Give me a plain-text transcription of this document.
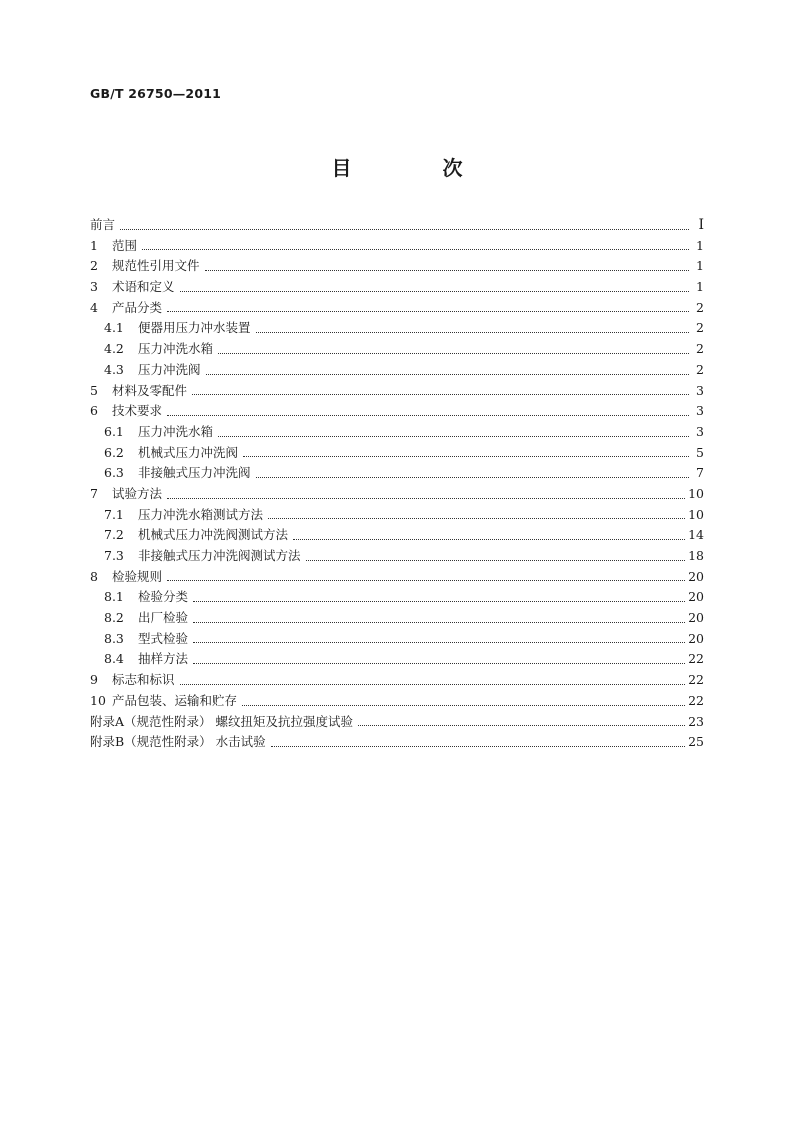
GB/T 26750—2011
目 次
前言	Ⅰ
1	范围	1
2	规范性引用文件	1
3	术语和定义	1
4	产品分类	2
4.1	便器用压力冲水装置	2
4.2	压力冲洗水箱	2
4.3	压力冲洗阀	2
5	材料及零配件	3
6	技术要求	3
6.1	压力冲洗水箱	3
6.2	机械式压力冲洗阀	5
6.3	非接触式压力冲洗阀	7
7	试验方法	10
7.1	压力冲洗水箱测试方法	10
7.2	机械式压力冲洗阀测试方法	14
7.3	非接触式压力冲洗阀测试方法	18
8	检验规则	20
8.1	检验分类	20
8.2	出厂检验	20
8.3	型式检验	20
8.4	抽样方法	22
9	标志和标识	22
10 产品包装、运输和贮存	22
附录A（规范性附录） 螺纹扭矩及抗拉强度试验	23
附录B（规范性附录） 水击试验	25
